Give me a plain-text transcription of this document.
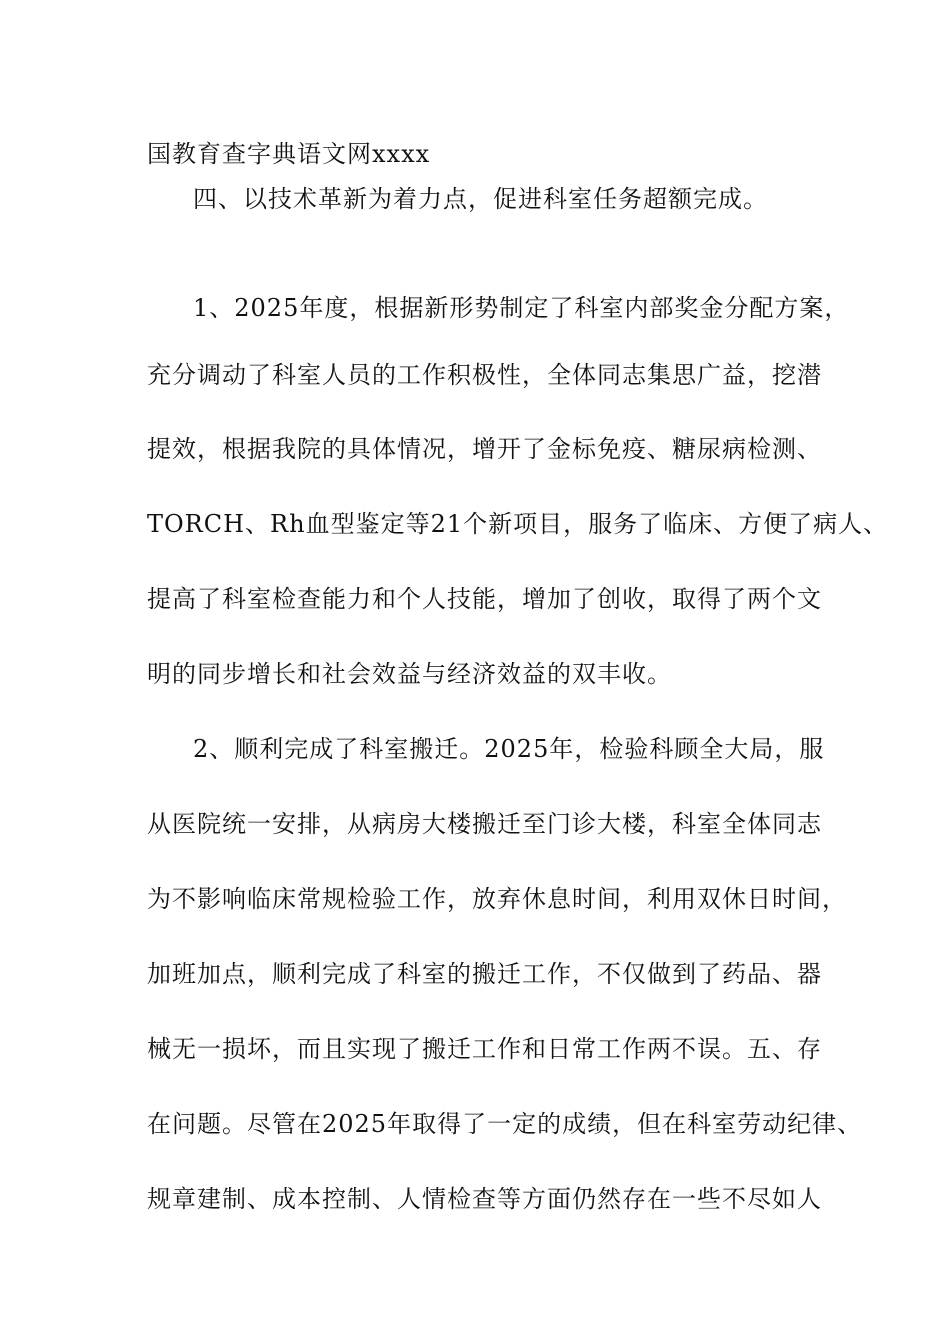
国教育查字典语文网xxxx
四、以技术革新为着力点，促进科室任务超额完成。
1、2025年度，根据新形势制定了科室内部奖金分配方案，
充分调动了科室人员的工作积极性，全体同志集思广益，挖潜
提效，根据我院的具体情况，增开了金标免疫、糖尿病检测、
TORCH、Rh血型鉴定等21个新项目，服务了临床、方便了病人、
提高了科室检查能力和个人技能，增加了创收，取得了两个文
明的同步增长和社会效益与经济效益的双丰收。
2、顺利完成了科室搬迁。2025年，检验科顾全大局，服
从医院统一安排，从病房大楼搬迁至门诊大楼，科室全体同志
为不影响临床常规检验工作，放弃休息时间，利用双休日时间，
加班加点，顺利完成了科室的搬迁工作，不仅做到了药品、器
械无一损坏，而且实现了搬迁工作和日常工作两不误。五、存
在问题。尽管在2025年取得了一定的成绩，但在科室劳动纪律、
规章建制、成本控制、人情检查等方面仍然存在一些不尽如人
